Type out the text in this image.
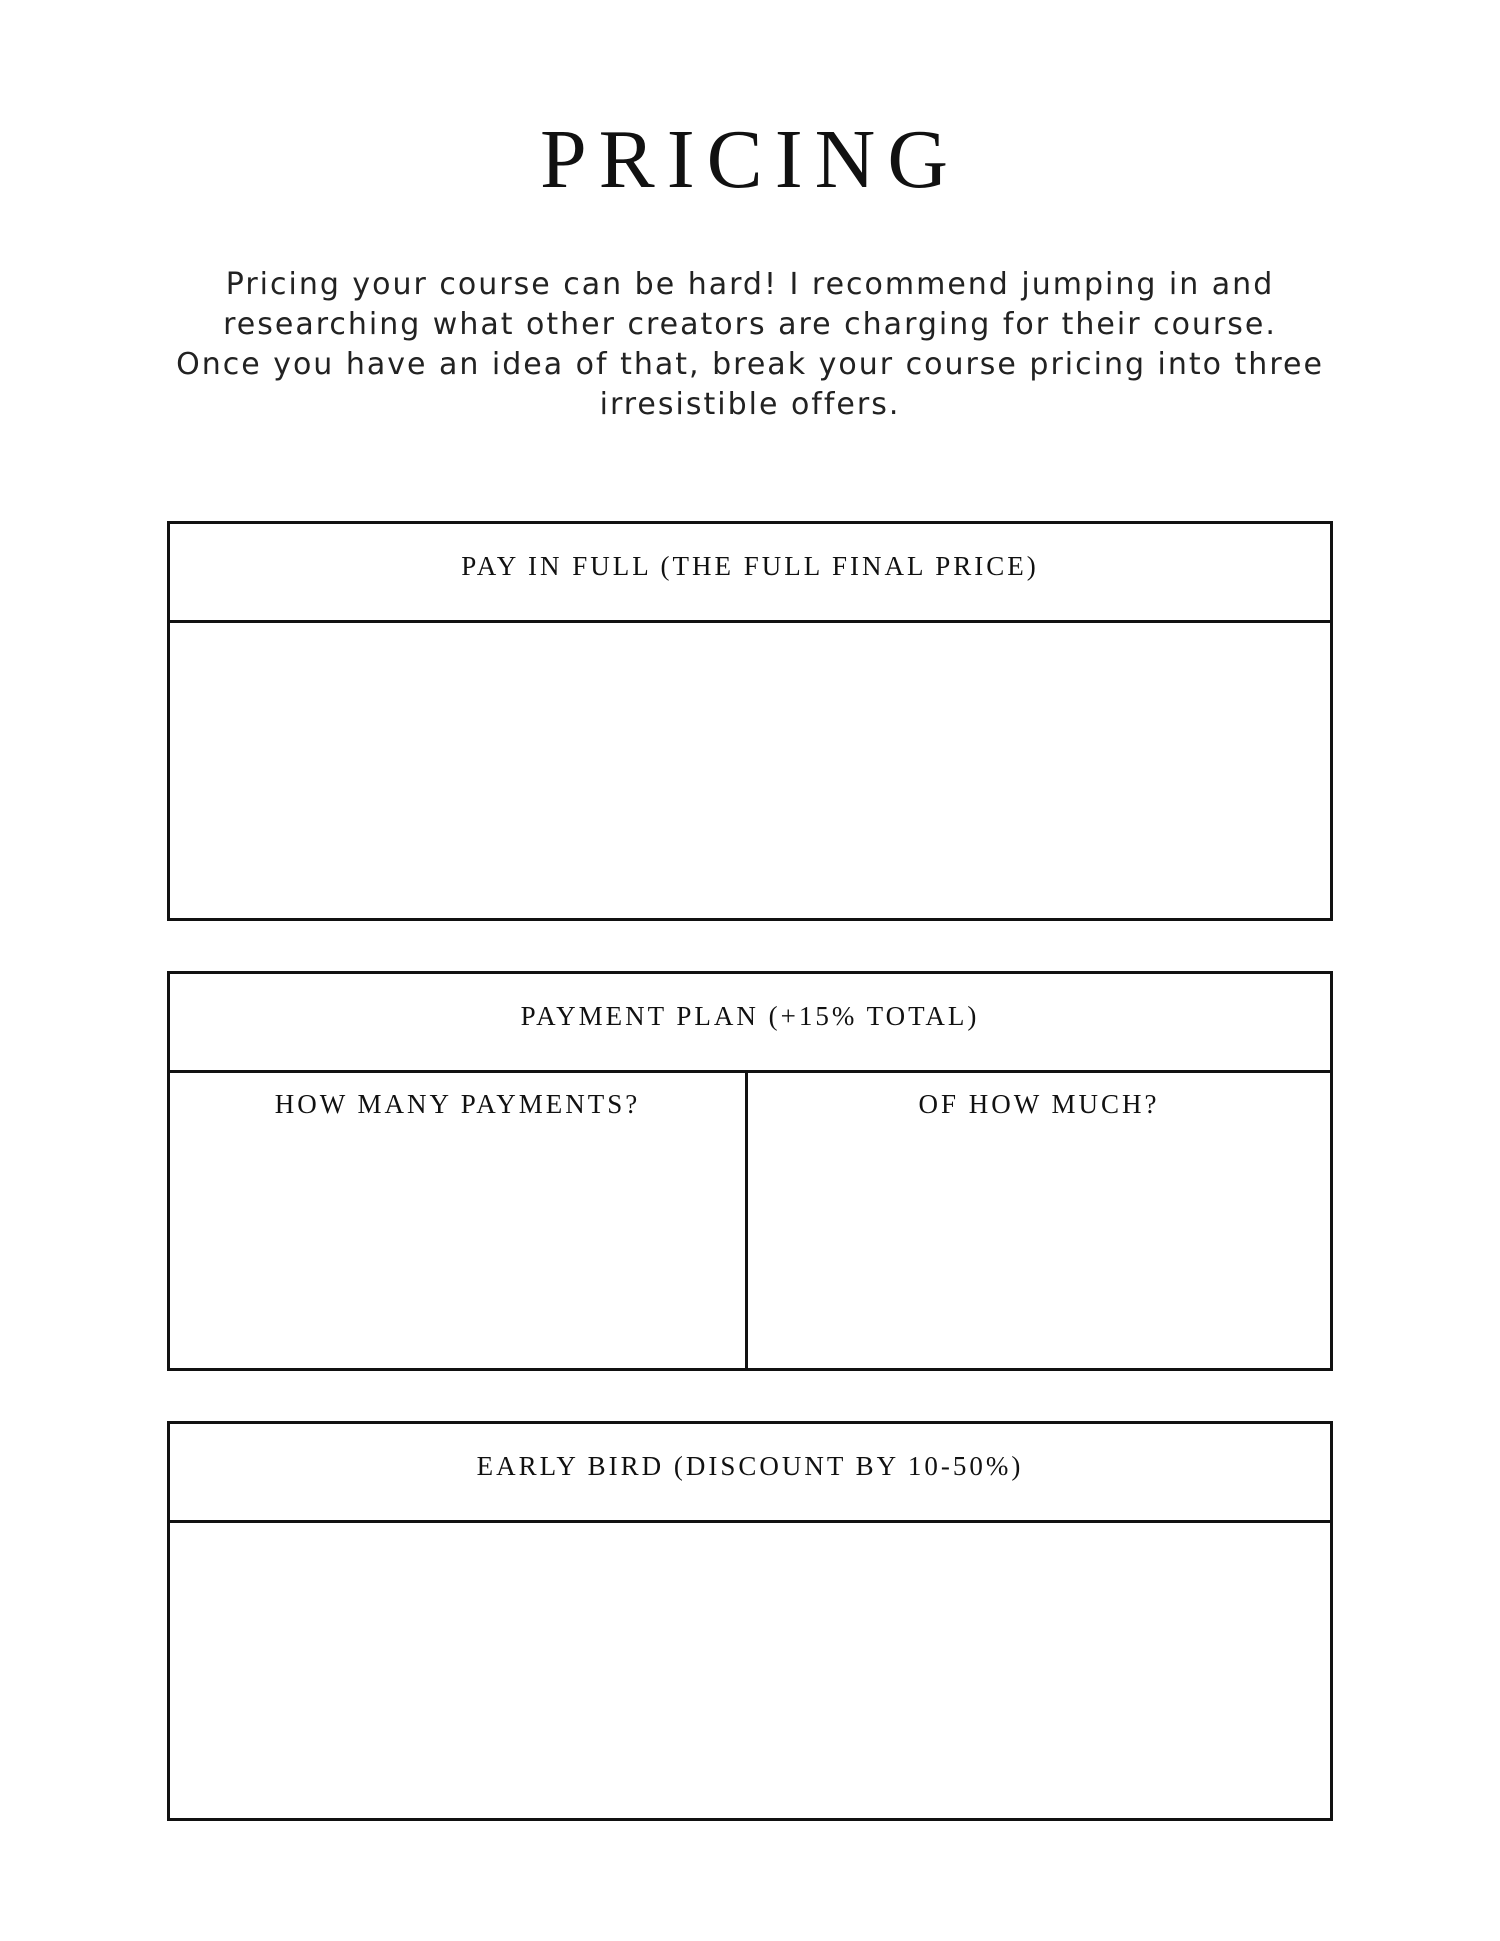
PRICING

Pricing your course can be hard! I recommend jumping in and researching what other creators are charging for their course.

Once you have an idea of that, break your course pricing into three irresistible offers.

PAY IN FULL (THE FULL FINAL PRICE)
PAYMENT PLAN (+15% TOTAL)
HOW MANY PAYMENTS?	OF HOW MUCH?
EARLY BIRD (DISCOUNT BY 10-50%)
